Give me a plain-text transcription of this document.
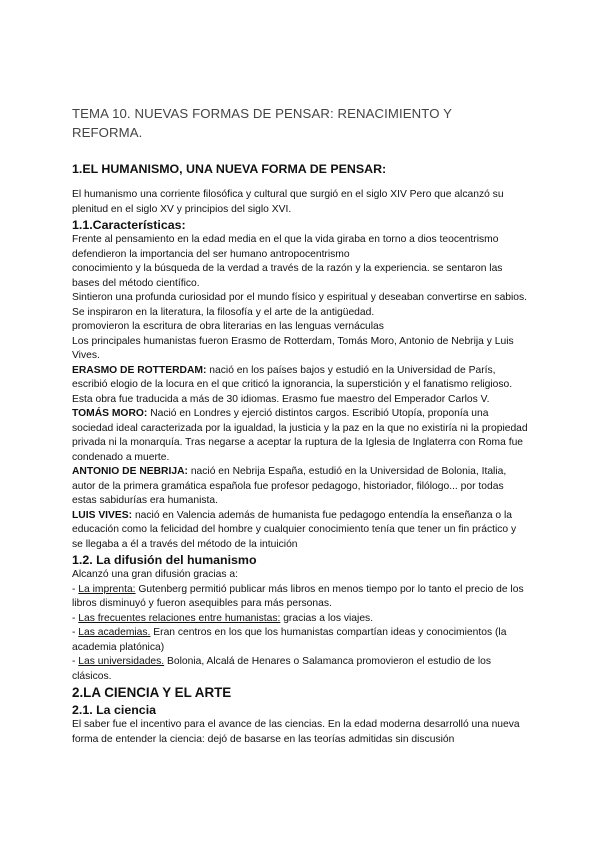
TEMA 10. NUEVAS FORMAS DE PENSAR: RENACIMIENTO Y
REFORMA.
1.EL HUMANISMO, UNA NUEVA FORMA DE PENSAR:

El humanismo una corriente filosófica y cultural que surgió en el siglo XIV Pero que alcanzó su plenitud en el siglo XV y principios del siglo XVI.

1.1.Características:

Frente al pensamiento en la edad media en el que la vida giraba en torno a dios teocentrismo defendieron la importancia del ser humano antropocentrismo

conocimiento y la búsqueda de la verdad a través de la razón y la experiencia. se sentaron las bases del método científico.

Sintieron una profunda curiosidad por el mundo físico y espiritual y deseaban convertirse en sabios.

Se inspiraron en la literatura, la filosofía y el arte de la antigüedad.

promovieron la escritura de obra literarias en las lenguas vernáculas

Los principales humanistas fueron Erasmo de Rotterdam, Tomás Moro, Antonio de Nebrija y Luis Vives.

ERASMO DE ROTTERDAM: nació en los países bajos y estudió en la Universidad de París, escribió elogio de la locura en el que criticó la ignorancia, la superstición y el fanatismo religioso. Esta obra fue traducida a más de 30 idiomas. Erasmo fue maestro del Emperador Carlos V.

TOMÁS MORO: Nació en Londres y ejerció distintos cargos. Escribió Utopía, proponía una sociedad ideal caracterizada por la igualdad, la justicia y la paz en la que no existiría ni la propiedad privada ni la monarquía. Tras negarse a aceptar la ruptura de la Iglesia de Inglaterra con Roma fue condenado a muerte.

ANTONIO DE NEBRIJA: nació en Nebrija España, estudió en la Universidad de Bolonia, Italia, autor de la primera gramática española fue profesor pedagogo, historiador, filólogo... por todas estas sabidurías era humanista.

LUIS VIVES: nació en Valencia además de humanista fue pedagogo entendía la enseñanza o la educación como la felicidad del hombre y cualquier conocimiento tenía que tener un fin práctico y se llegaba a él a través del método de la intuición

1.2. La difusión del humanismo

Alcanzó una gran difusión gracias a:

- La imprenta: Gutenberg permitió publicar más libros en menos tiempo por lo tanto el precio de los libros disminuyó y fueron asequibles para más personas.

- Las frecuentes relaciones entre humanistas: gracias a los viajes.

- Las academias. Eran centros en los que los humanistas compartían ideas y conocimientos (la academia platónica)

- Las universidades. Bolonia, Alcalá de Henares o Salamanca promovieron el estudio de los clásicos.

2.LA CIENCIA Y EL ARTE
2.1. La ciencia

El saber fue el incentivo para el avance de las ciencias. En la edad moderna desarrolló una nueva forma de entender la ciencia: dejó de basarse en las teorías admitidas sin discusión
